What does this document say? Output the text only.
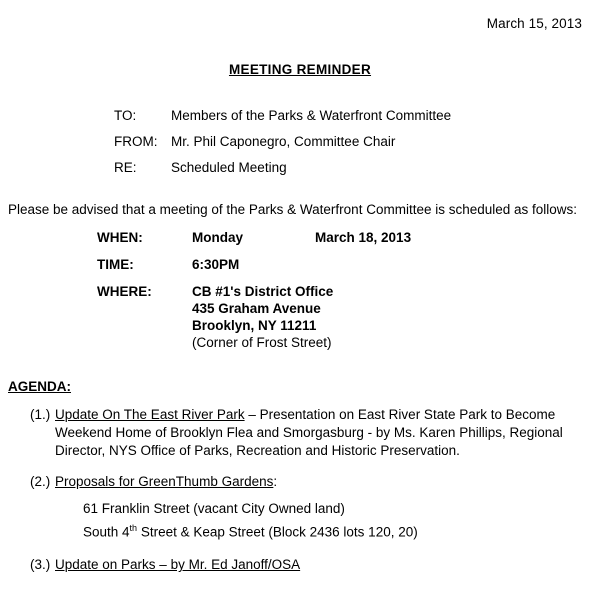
March 15, 2013
MEETING REMINDER
TO:	Members of the Parks & Waterfront Committee
FROM:	Mr. Phil Caponegro, Committee Chair
RE:	Scheduled Meeting
Please be advised that a meeting of the Parks & Waterfront Committee is scheduled as follows:
WHEN:	Monday	March 18, 2013
TIME:	6:30PM
WHERE:	CB #1's District Office
435 Graham Avenue
Brooklyn, NY 11211
(Corner of Frost Street)
AGENDA:
(1.) Update On The East River Park – Presentation on East River State Park to Become Weekend Home of Brooklyn Flea and Smorgasburg - by Ms. Karen Phillips, Regional Director, NYS Office of Parks, Recreation and Historic Preservation.
(2.) Proposals for GreenThumb Gardens:
61 Franklin Street (vacant City Owned land)
South 4th Street & Keap Street (Block 2436 lots 120, 20)
(3.) Update on Parks – by Mr. Ed Janoff/OSA
